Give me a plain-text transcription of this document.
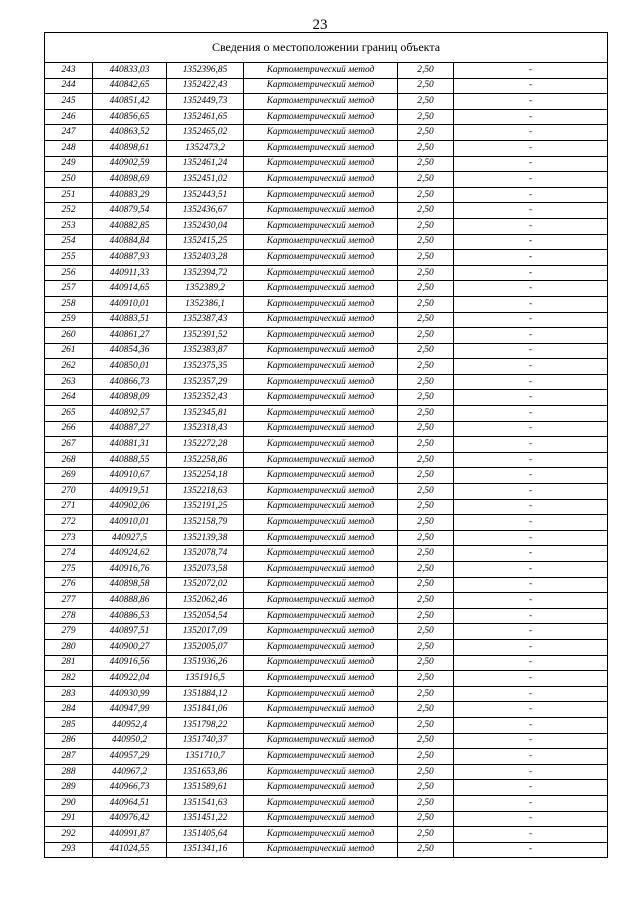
23
Сведения о местоположении границ объекта					
243	440833,03	1352396,85	Картометрический метод	2,50	-
244	440842,65	1352422,43	Картометрический метод	2,50	-
245	440851,42	1352449,73	Картометрический метод	2,50	-
246	440856,65	1352461,65	Картометрический метод	2,50	-
247	440863,52	1352465,02	Картометрический метод	2,50	-
248	440898,61	1352473,2	Картометрический метод	2,50	-
249	440902,59	1352461,24	Картометрический метод	2,50	-
250	440898,69	1352451,02	Картометрический метод	2,50	-
251	440883,29	1352443,51	Картометрический метод	2,50	-
252	440879,54	1352436,67	Картометрический метод	2,50	-
253	440882,85	1352430,04	Картометрический метод	2,50	-
254	440884,84	1352415,25	Картометрический метод	2,50	-
255	440887,93	1352403,28	Картометрический метод	2,50	-
256	440911,33	1352394,72	Картометрический метод	2,50	-
257	440914,65	1352389,2	Картометрический метод	2,50	-
258	440910,01	1352386,1	Картометрический метод	2,50	-
259	440883,51	1352387,43	Картометрический метод	2,50	-
260	440861,27	1352391,52	Картометрический метод	2,50	-
261	440854,36	1352383,87	Картометрический метод	2,50	-
262	440850,01	1352375,35	Картометрический метод	2,50	-
263	440866,73	1352357,29	Картометрический метод	2,50	-
264	440898,09	1352352,43	Картометрический метод	2,50	-
265	440892,57	1352345,81	Картометрический метод	2,50	-
266	440887,27	1352318,43	Картометрический метод	2,50	-
267	440881,31	1352272,28	Картометрический метод	2,50	-
268	440888,55	1352258,86	Картометрический метод	2,50	-
269	440910,67	1352254,18	Картометрический метод	2,50	-
270	440919,51	1352218,63	Картометрический метод	2,50	-
271	440902,06	1352191,25	Картометрический метод	2,50	-
272	440910,01	1352158,79	Картометрический метод	2,50	-
273	440927,5	1352139,38	Картометрический метод	2,50	-
274	440924,62	1352078,74	Картометрический метод	2,50	-
275	440916,76	1352073,58	Картометрический метод	2,50	-
276	440898,58	1352072,02	Картометрический метод	2,50	-
277	440888,86	1352062,46	Картометрический метод	2,50	-
278	440886,53	1352054,54	Картометрический метод	2,50	-
279	440897,51	1352017,09	Картометрический метод	2,50	-
280	440900,27	1352005,07	Картометрический метод	2,50	-
281	440916,56	1351936,26	Картометрический метод	2,50	-
282	440922,04	1351916,5	Картометрический метод	2,50	-
283	440930,99	1351884,12	Картометрический метод	2,50	-
284	440947,99	1351841,06	Картометрический метод	2,50	-
285	440952,4	1351798,22	Картометрический метод	2,50	-
286	440950,2	1351740,37	Картометрический метод	2,50	-
287	440957,29	1351710,7	Картометрический метод	2,50	-
288	440967,2	1351653,86	Картометрический метод	2,50	-
289	440966,73	1351589,61	Картометрический метод	2,50	-
290	440964,51	1351541,63	Картометрический метод	2,50	-
291	440976,42	1351451,22	Картометрический метод	2,50	-
292	440991,87	1351405,64	Картометрический метод	2,50	-
293	441024,55	1351341,16	Картометрический метод	2,50	-
